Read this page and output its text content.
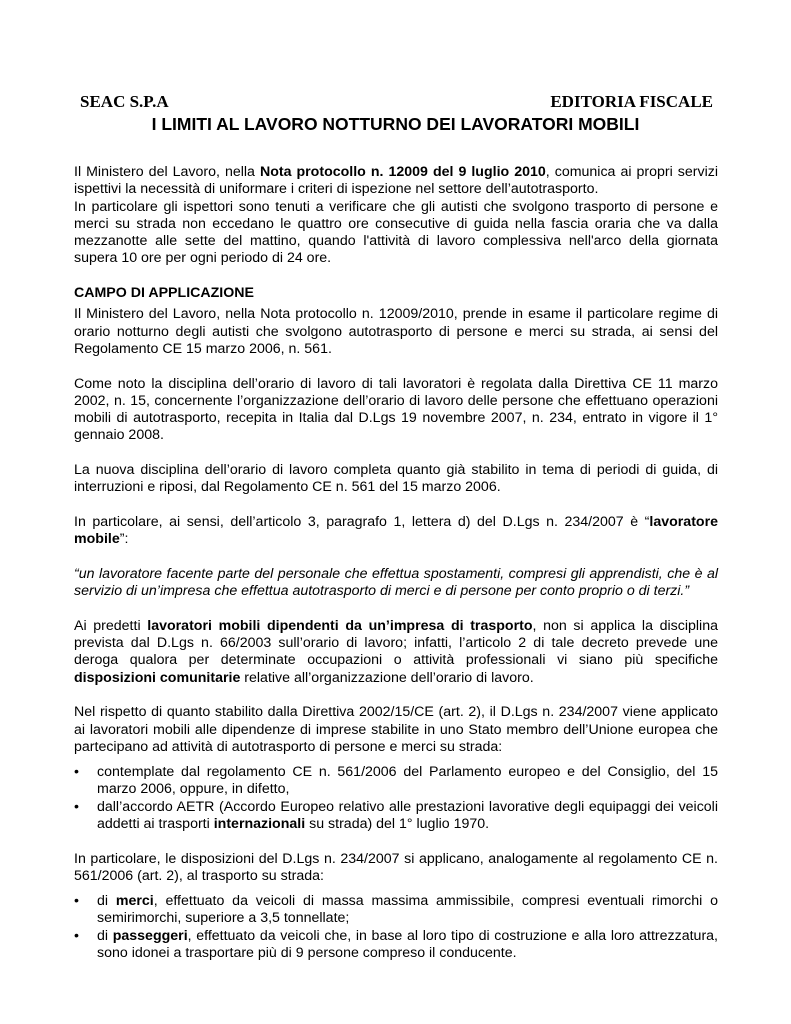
SEAC S.P.A	EDITORIA FISCALE
I LIMITI AL LAVORO NOTTURNO DEI LAVORATORI MOBILI

Il Ministero del Lavoro, nella Nota protocollo n. 12009 del 9 luglio 2010, comunica ai propri servizi ispettivi la necessità di uniformare i criteri di ispezione nel settore dell’autotrasporto.

In particolare gli ispettori sono tenuti a verificare che gli autisti che svolgono trasporto di persone e merci su strada non eccedano le quattro ore consecutive di guida nella fascia oraria che va dalla mezzanotte alle sette del mattino, quando l'attività di lavoro complessiva nell'arco della giornata supera 10 ore per ogni periodo di 24 ore.

CAMPO DI APPLICAZIONE

Il Ministero del Lavoro, nella Nota protocollo n. 12009/2010, prende in esame il particolare regime di orario notturno degli autisti che svolgono autotrasporto di persone e merci su strada, ai sensi del Regolamento CE 15 marzo 2006, n. 561.

Come noto la disciplina dell’orario di lavoro di tali lavoratori è regolata dalla Direttiva CE 11 marzo 2002, n. 15, concernente l’organizzazione dell’orario di lavoro delle persone che effettuano operazioni mobili di autotrasporto, recepita in Italia dal D.Lgs 19 novembre 2007, n. 234, entrato in vigore il 1° gennaio 2008.

La nuova disciplina dell’orario di lavoro completa quanto già stabilito in tema di periodi di guida, di interruzioni e riposi, dal Regolamento CE n. 561 del 15 marzo 2006.

In particolare, ai sensi, dell’articolo 3, paragrafo 1, lettera d) del D.Lgs n. 234/2007 è “lavoratore mobile”:

“un lavoratore facente parte del personale che effettua spostamenti, compresi gli apprendisti, che è al servizio di un’impresa che effettua autotrasporto di merci e di persone per conto proprio o di terzi.”

Ai predetti lavoratori mobili dipendenti da un’impresa di trasporto, non si applica la disciplina prevista dal D.Lgs n. 66/2003 sull’orario di lavoro; infatti, l’articolo 2 di tale decreto prevede une deroga qualora per determinate occupazioni o attività professionali vi siano più specifiche disposizioni comunitarie relative all’organizzazione dell’orario di lavoro.

Nel rispetto di quanto stabilito dalla Direttiva 2002/15/CE (art. 2), il D.Lgs n. 234/2007 viene applicato ai lavoratori mobili alle dipendenze di imprese stabilite in uno Stato membro dell’Unione europea che partecipano ad attività di autotrasporto di persone e merci su strada:

• contemplate dal regolamento CE n. 561/2006 del Parlamento europeo e del Consiglio, del 15 marzo 2006, oppure, in difetto,
• dall’accordo AETR (Accordo Europeo relativo alle prestazioni lavorative degli equipaggi dei veicoli addetti ai trasporti internazionali su strada) del 1° luglio 1970.

In particolare, le disposizioni del D.Lgs n. 234/2007 si applicano, analogamente al regolamento CE n. 561/2006 (art. 2), al trasporto su strada:

• di merci, effettuato da veicoli di massa massima ammissibile, compresi eventuali rimorchi o semirimorchi, superiore a 3,5 tonnellate;
• di passeggeri, effettuato da veicoli che, in base al loro tipo di costruzione e alla loro attrezzatura, sono idonei a trasportare più di 9 persone compreso il conducente.
